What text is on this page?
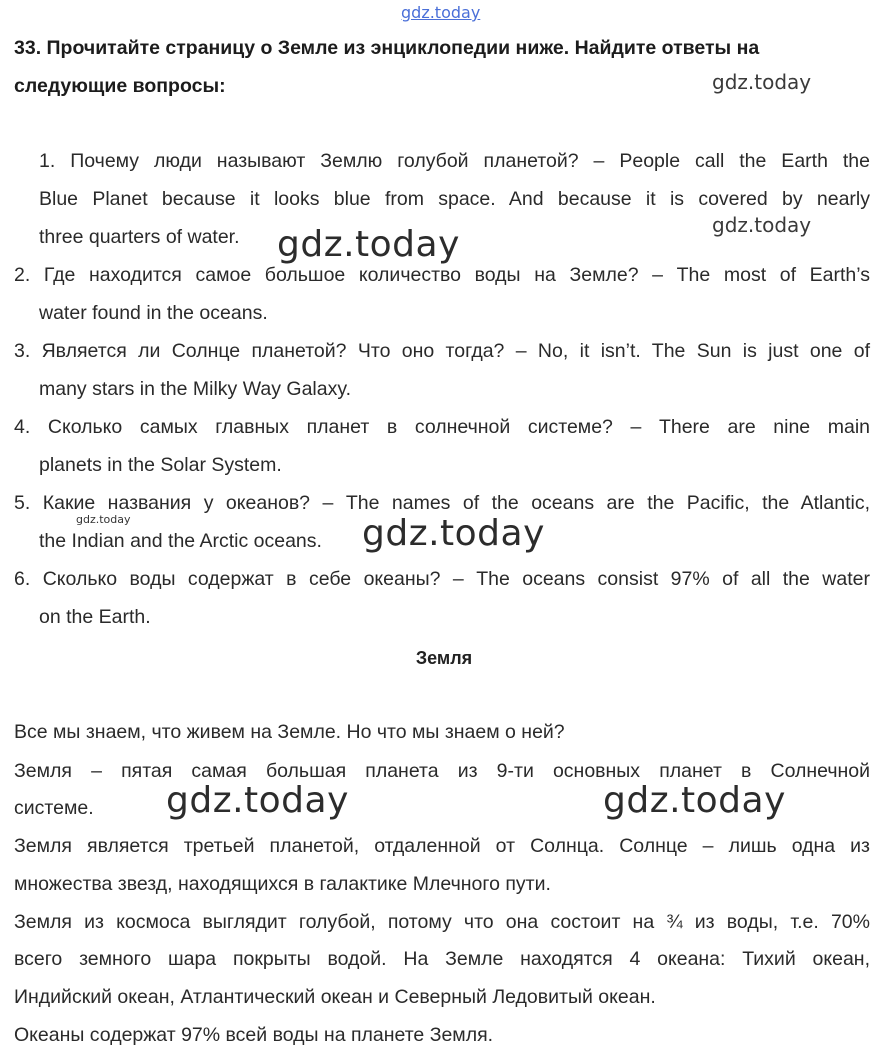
gdz.today
33. Прочитайте страницу о Земле из энциклопедии ниже. Найдите ответы на
следующие вопросы:	gdz.today
1. Почему люди называют Землю голубой планетой? – People call the Earth the
Blue Planet because it looks blue from space. And because it is covered by nearly
three quarters of water.	gdz.today
gdz.today
2. Где находится самое большое количество воды на Земле? – The most of Earth’s
water found in the oceans.
3. Является ли Солнце планетой? Что оно тогда? – No, it isn’t. The Sun is just one of
many stars in the Milky Way Galaxy.
4. Сколько самых главных планет в солнечной системе? – There are nine main
planets in the Solar System.
5. Какие названия у океанов? – The names of the oceans are the Pacific, the Atlantic,
gdz.today
the Indian and the Arctic oceans. gdz.today
6. Сколько воды содержат в себе океаны? – The oceans consist 97% of all the water
on the Earth.
Земля
Все мы знаем, что живем на Земле. Но что мы знаем о ней?
Земля – пятая самая большая планета из 9-ти основных планет в Солнечной
системе. gdz.today	gdz.today
Земля является третьей планетой, отдаленной от Солнца. Солнце – лишь одна из
множества звезд, находящихся в галактике Млечного пути.
Земля из космоса выглядит голубой, потому что она состоит на ¾ из воды, т.е. 70%
всего земного шара покрыты водой. На Земле находятся 4 океана: Тихий океан,
Индийский океан, Атлантический океан и Северный Ледовитый океан.
Океаны содержат 97% всей воды на планете Земля.
